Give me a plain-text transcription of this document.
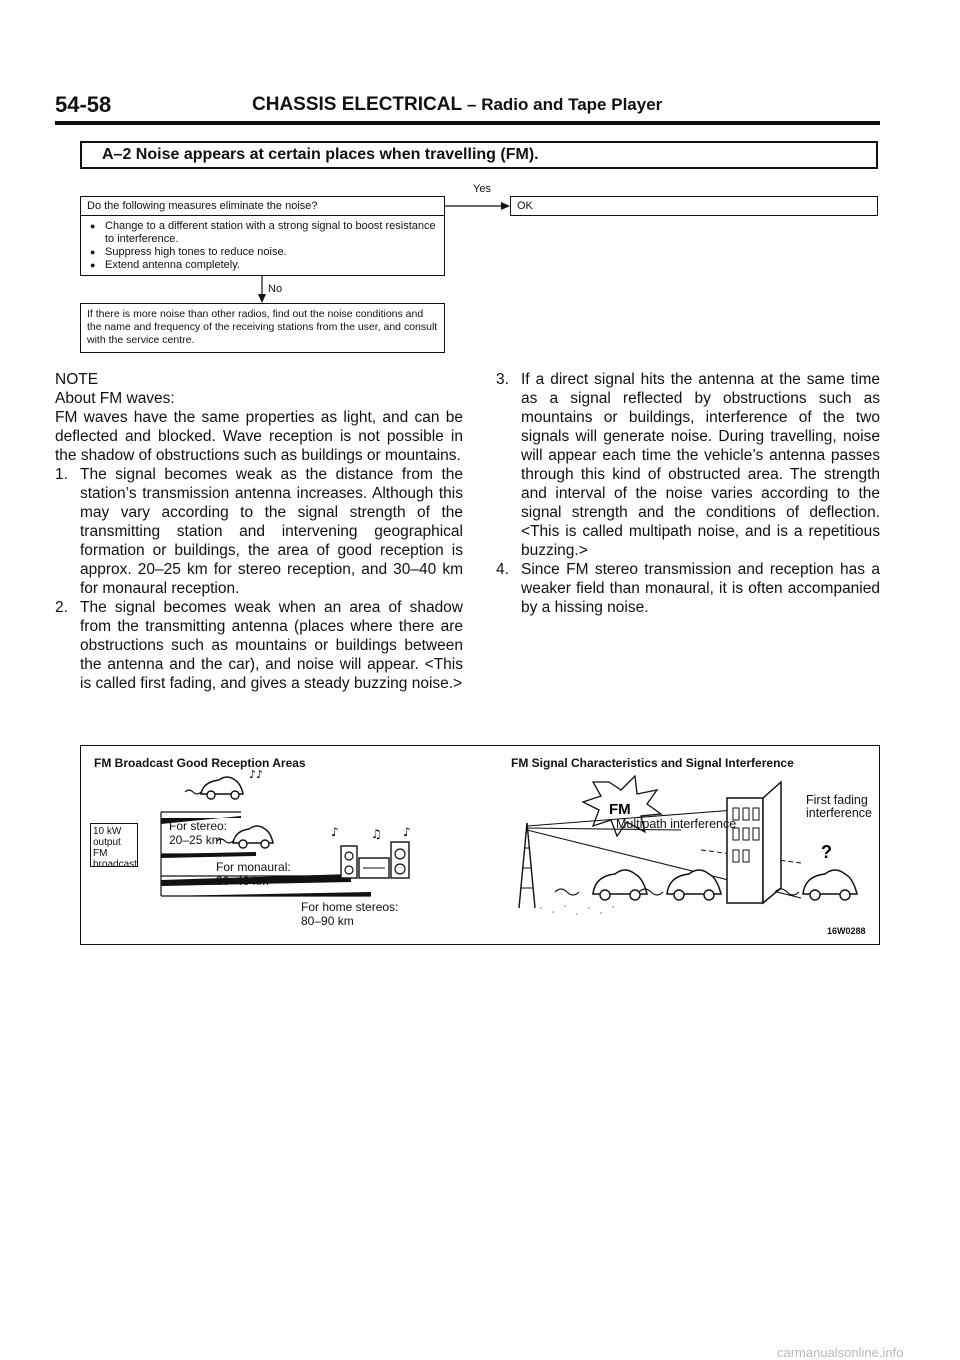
54-58	CHASSIS ELECTRICAL – Radio and Tape Player
A–2 Noise appears at certain places when travelling (FM).
Yes
Do the following measures eliminate the noise?
● Change to a different station with a strong signal to boost resistance to interference.
● Suppress high tones to reduce noise.
● Extend antenna completely.
OK
No
If there is more noise than other radios, find out the noise conditions and the name and frequency of the receiving stations from the user, and consult with the service centre.

NOTE

About FM waves:

FM waves have the same properties as light, and can be deflected and blocked. Wave reception is not possible in the shadow of obstructions such as buildings or mountains.

1. The signal becomes weak as the distance from the station’s transmission antenna increases. Although this may vary according to the signal strength of the transmitting station and intervening geographical formation or buildings, the area of good reception is approx. 20–25 km for stereo reception, and 30–40 km for monaural reception.
2. The signal becomes weak when an area of shadow from the transmitting antenna (places where there are obstructions such as mountains or buildings between the antenna and the car), and noise will appear. <This is called first fading, and gives a steady buzzing noise.>
3. If a direct signal hits the antenna at the same time as a signal reflected by obstructions such as mountains or buildings, interference of the two signals will generate noise. During travelling, noise will appear each time the vehicle’s antenna passes through this kind of obstructed area. The strength and interval of the noise varies according to the signal strength and the conditions of deflection. <This is called multipath noise, and is a repetitious buzzing.>
4. Since FM stereo transmission and reception has a weaker field than monaural, it is often accompanied by a hissing noise.
FM Broadcast Good Reception Areas	FM Signal Characteristics and Signal Interference
10 kW output FM broadcast
♪♪
♪	♫ ♪
For stereo:
20–25 km
For monaural:
30–40 km
For home stereos:
80–90 km
FM
?
Multipath interference
First fading interference
16W0288
carmanualsonline.info
